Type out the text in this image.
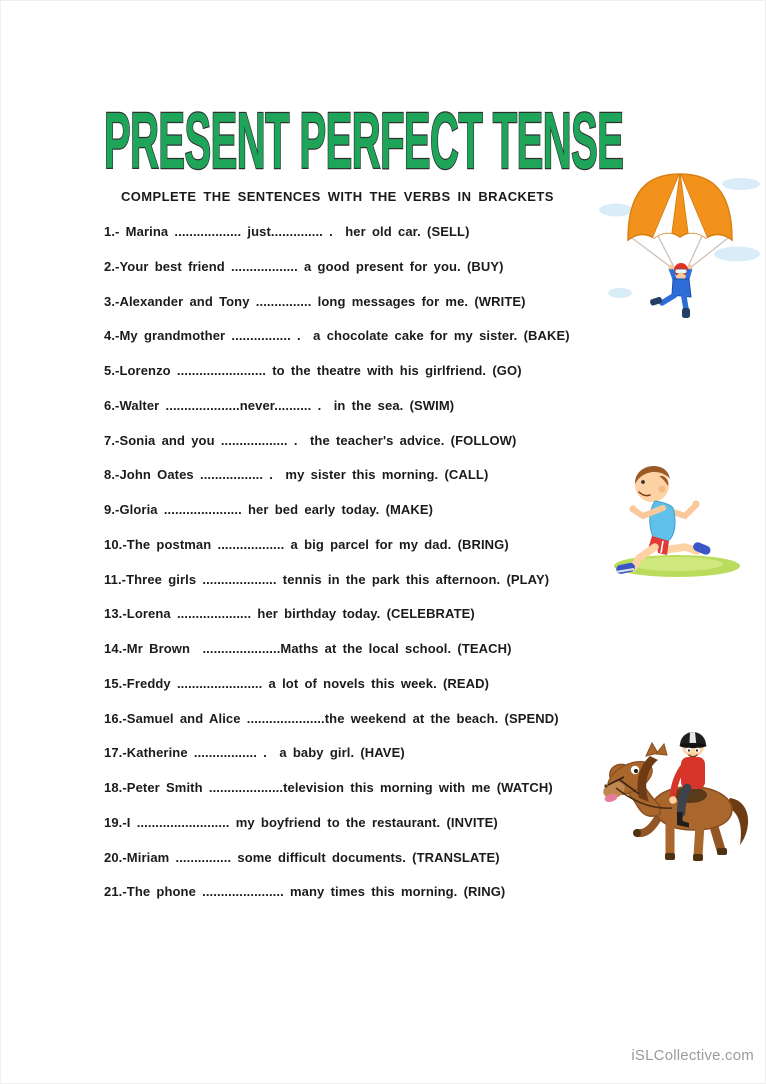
PRESENT PERFECT TENSE
COMPLETE THE SENTENCES WITH THE VERBS IN BRACKETS
1.- Marina .................. just.............. .  her old car. (SELL)
2.-Your best friend .................. a good present for you. (BUY)
3.-Alexander and Tony ............... long messages for me. (WRITE)
4.-My grandmother ................ .  a chocolate cake for my sister. (BAKE)
5.-Lorenzo ........................ to the theatre with his girlfriend. (GO)
6.-Walter ....................never.......... .  in the sea. (SWIM)
7.-Sonia and you .................. .  the teacher's advice. (FOLLOW)
8.-John Oates ................. .  my sister this morning. (CALL)
9.-Gloria ..................... her bed early today. (MAKE)
10.-The postman .................. a big parcel for my dad. (BRING)
11.-Three girls .................... tennis in the park this afternoon. (PLAY)
13.-Lorena .................... her birthday today. (CELEBRATE)
14.-Mr Brown  .....................Maths at the local school. (TEACH)
15.-Freddy ....................... a lot of novels this week. (READ)
16.-Samuel and Alice .....................the weekend at the beach. (SPEND)
17.-Katherine ................. .  a baby girl. (HAVE)
18.-Peter Smith ....................television this morning with me (WATCH)
19.-I ......................... my boyfriend to the restaurant. (INVITE)
20.-Miriam ............... some difficult documents. (TRANSLATE)
21.-The phone ...................... many times this morning. (RING)
iSLCollective.com
